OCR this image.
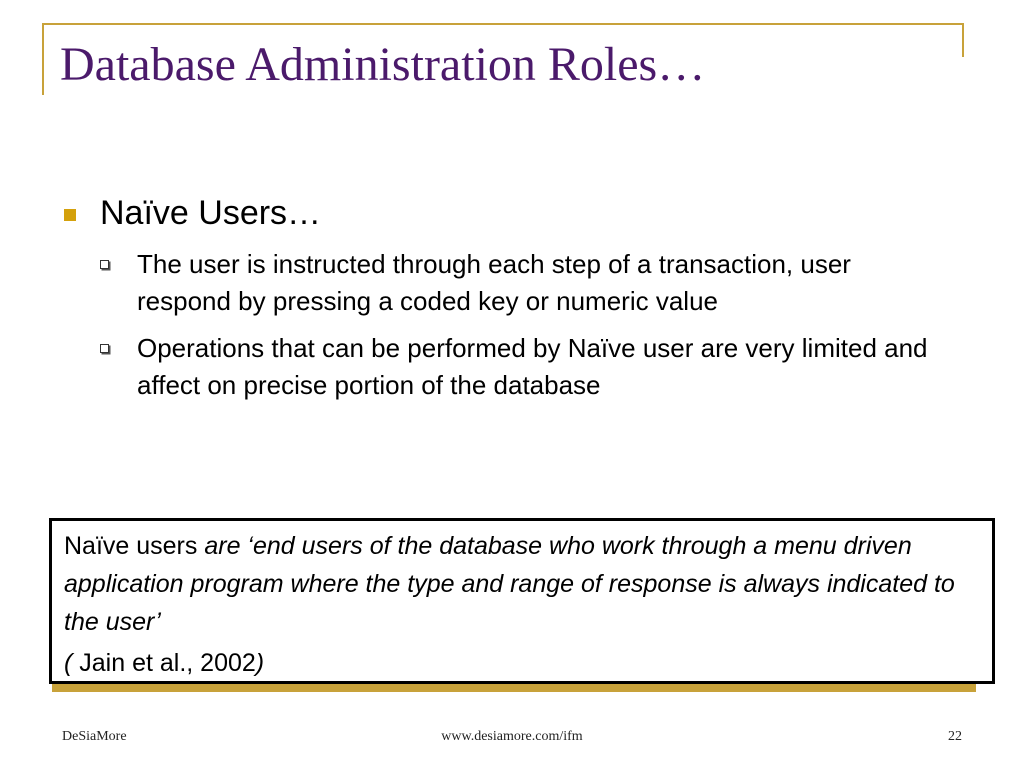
Database Administration Roles…
Naïve Users…
The user is instructed through each step of a transaction, user respond by pressing a coded key or numeric value
Operations that can be performed by Naïve user are very limited and affect on precise portion of the database
Naïve users are ‘end users of the database who work through a menu driven application program where the type and range of response is always indicated to the user’
( Jain et al., 2002)
DeSiaMore	www.desiamore.com/ifm	22
